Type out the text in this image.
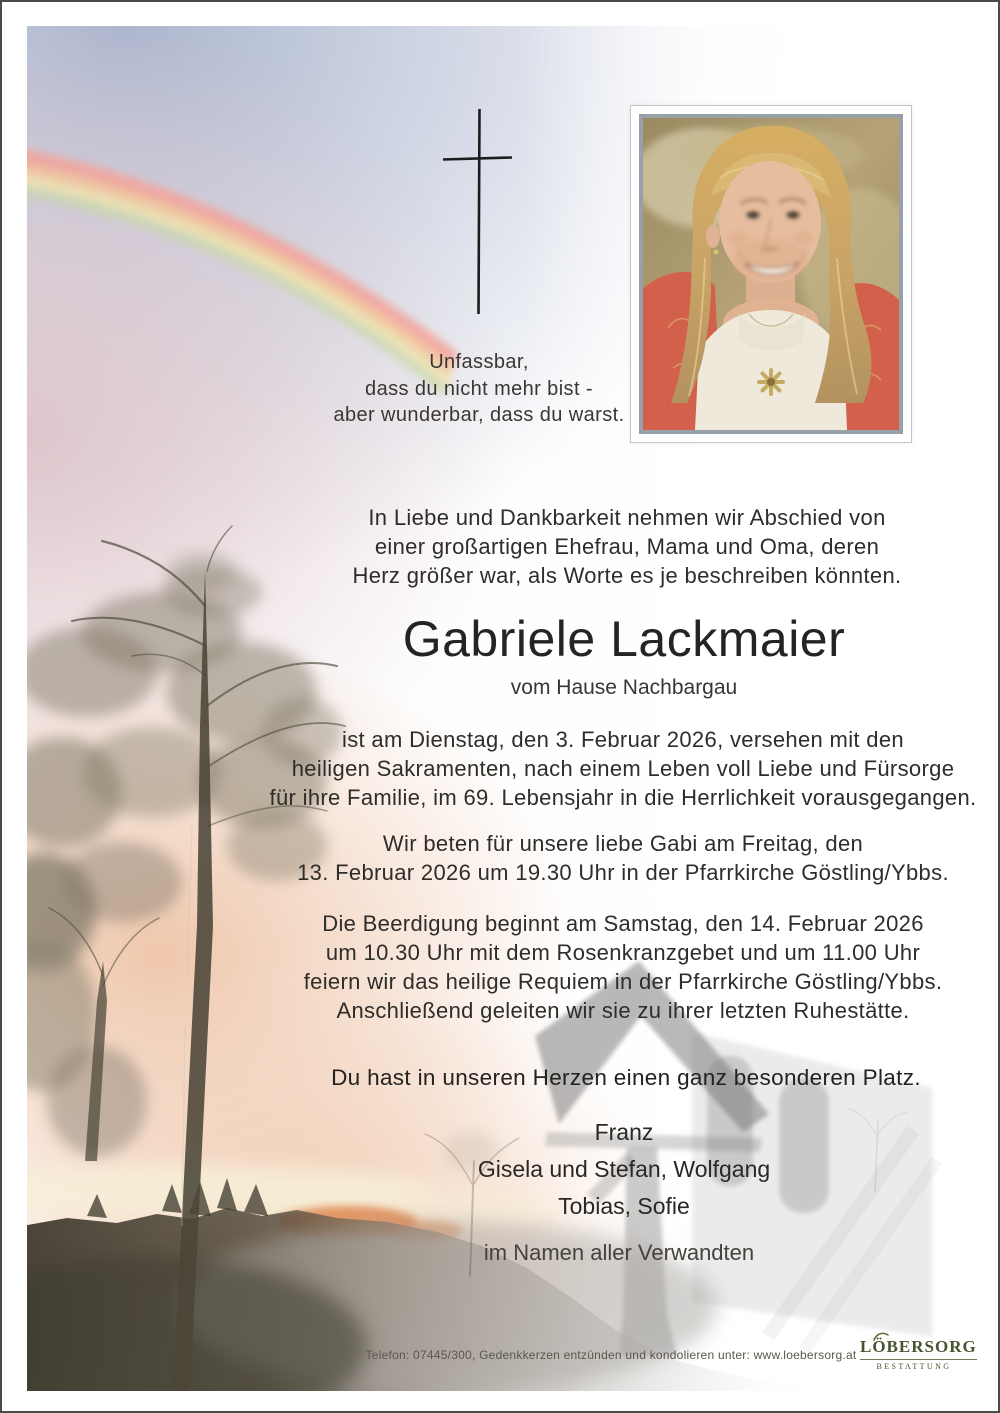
Unfassbar,
dass du nicht mehr bist -
aber wunderbar, dass du warst.
In Liebe und Dankbarkeit nehmen wir Abschied von
einer großartigen Ehefrau, Mama und Oma, deren
Herz größer war, als Worte es je beschreiben könnten.
Gabriele Lackmaier
vom Hause Nachbargau
ist am Dienstag, den 3. Februar 2026, versehen mit den
heiligen Sakramenten, nach einem Leben voll Liebe und Fürsorge
für ihre Familie, im 69. Lebensjahr in die Herrlichkeit vorausgegangen.
Wir beten für unsere liebe Gabi am Freitag, den
13. Februar 2026 um 19.30 Uhr in der Pfarrkirche Göstling/Ybbs.
Die Beerdigung beginnt am Samstag, den 14. Februar 2026
um 10.30 Uhr mit dem Rosenkranzgebet und um 11.00 Uhr
feiern wir das heilige Requiem in der Pfarrkirche Göstling/Ybbs.
Anschließend geleiten wir sie zu ihrer letzten Ruhestätte.
Du hast in unseren Herzen einen ganz besonderen Platz.
Franz
Gisela und Stefan, Wolfgang
Tobias, Sofie
im Namen aller Verwandten
Telefon: 07445/300, Gedenkkerzen entzünden und kondolieren unter: www.loebersorg.at LÖBERSORG
BESTATTUNG
